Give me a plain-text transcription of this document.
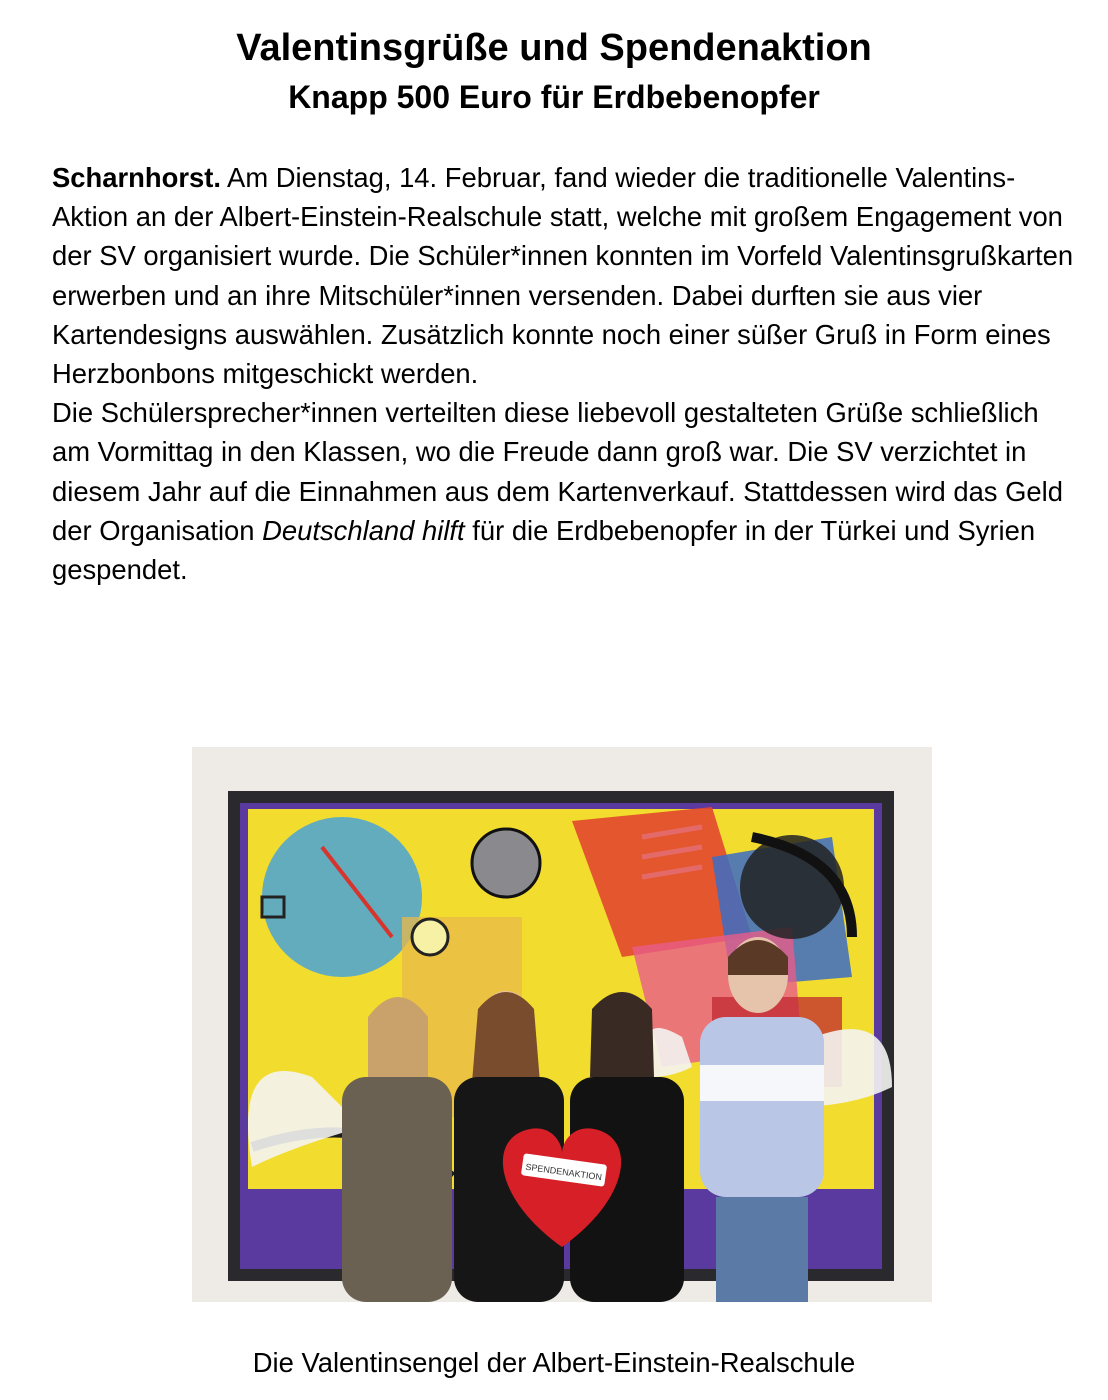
Valentinsgrüße und Spendenaktion
Knapp 500 Euro für Erdbebenopfer
Scharnhorst. Am Dienstag, 14. Februar, fand wieder die traditionelle Valentins-Aktion an der Albert-Einstein-Realschule statt, welche mit großem Engagement von der SV organisiert wurde. Die Schüler*innen konnten im Vorfeld Valentinsgrußkarten erwerben und an ihre Mitschüler*innen versenden. Dabei durften sie aus vier Kartendesigns auswählen. Zusätzlich konnte noch einer süßer Gruß in Form eines Herzbonbons mitgeschickt werden.
Die Schülersprecher*innen verteilten diese liebevoll gestalteten Grüße schließlich am Vormittag in den Klassen, wo die Freude dann groß war. Die SV verzichtet in diesem Jahr auf die Einnahmen aus dem Kartenverkauf. Stattdessen wird das Geld der Organisation Deutschland hilft für die Erdbebenopfer in der Türkei und Syrien gespendet.
SPENDENAKTION

Die Valentinsengel der Albert-Einstein-Realschule
